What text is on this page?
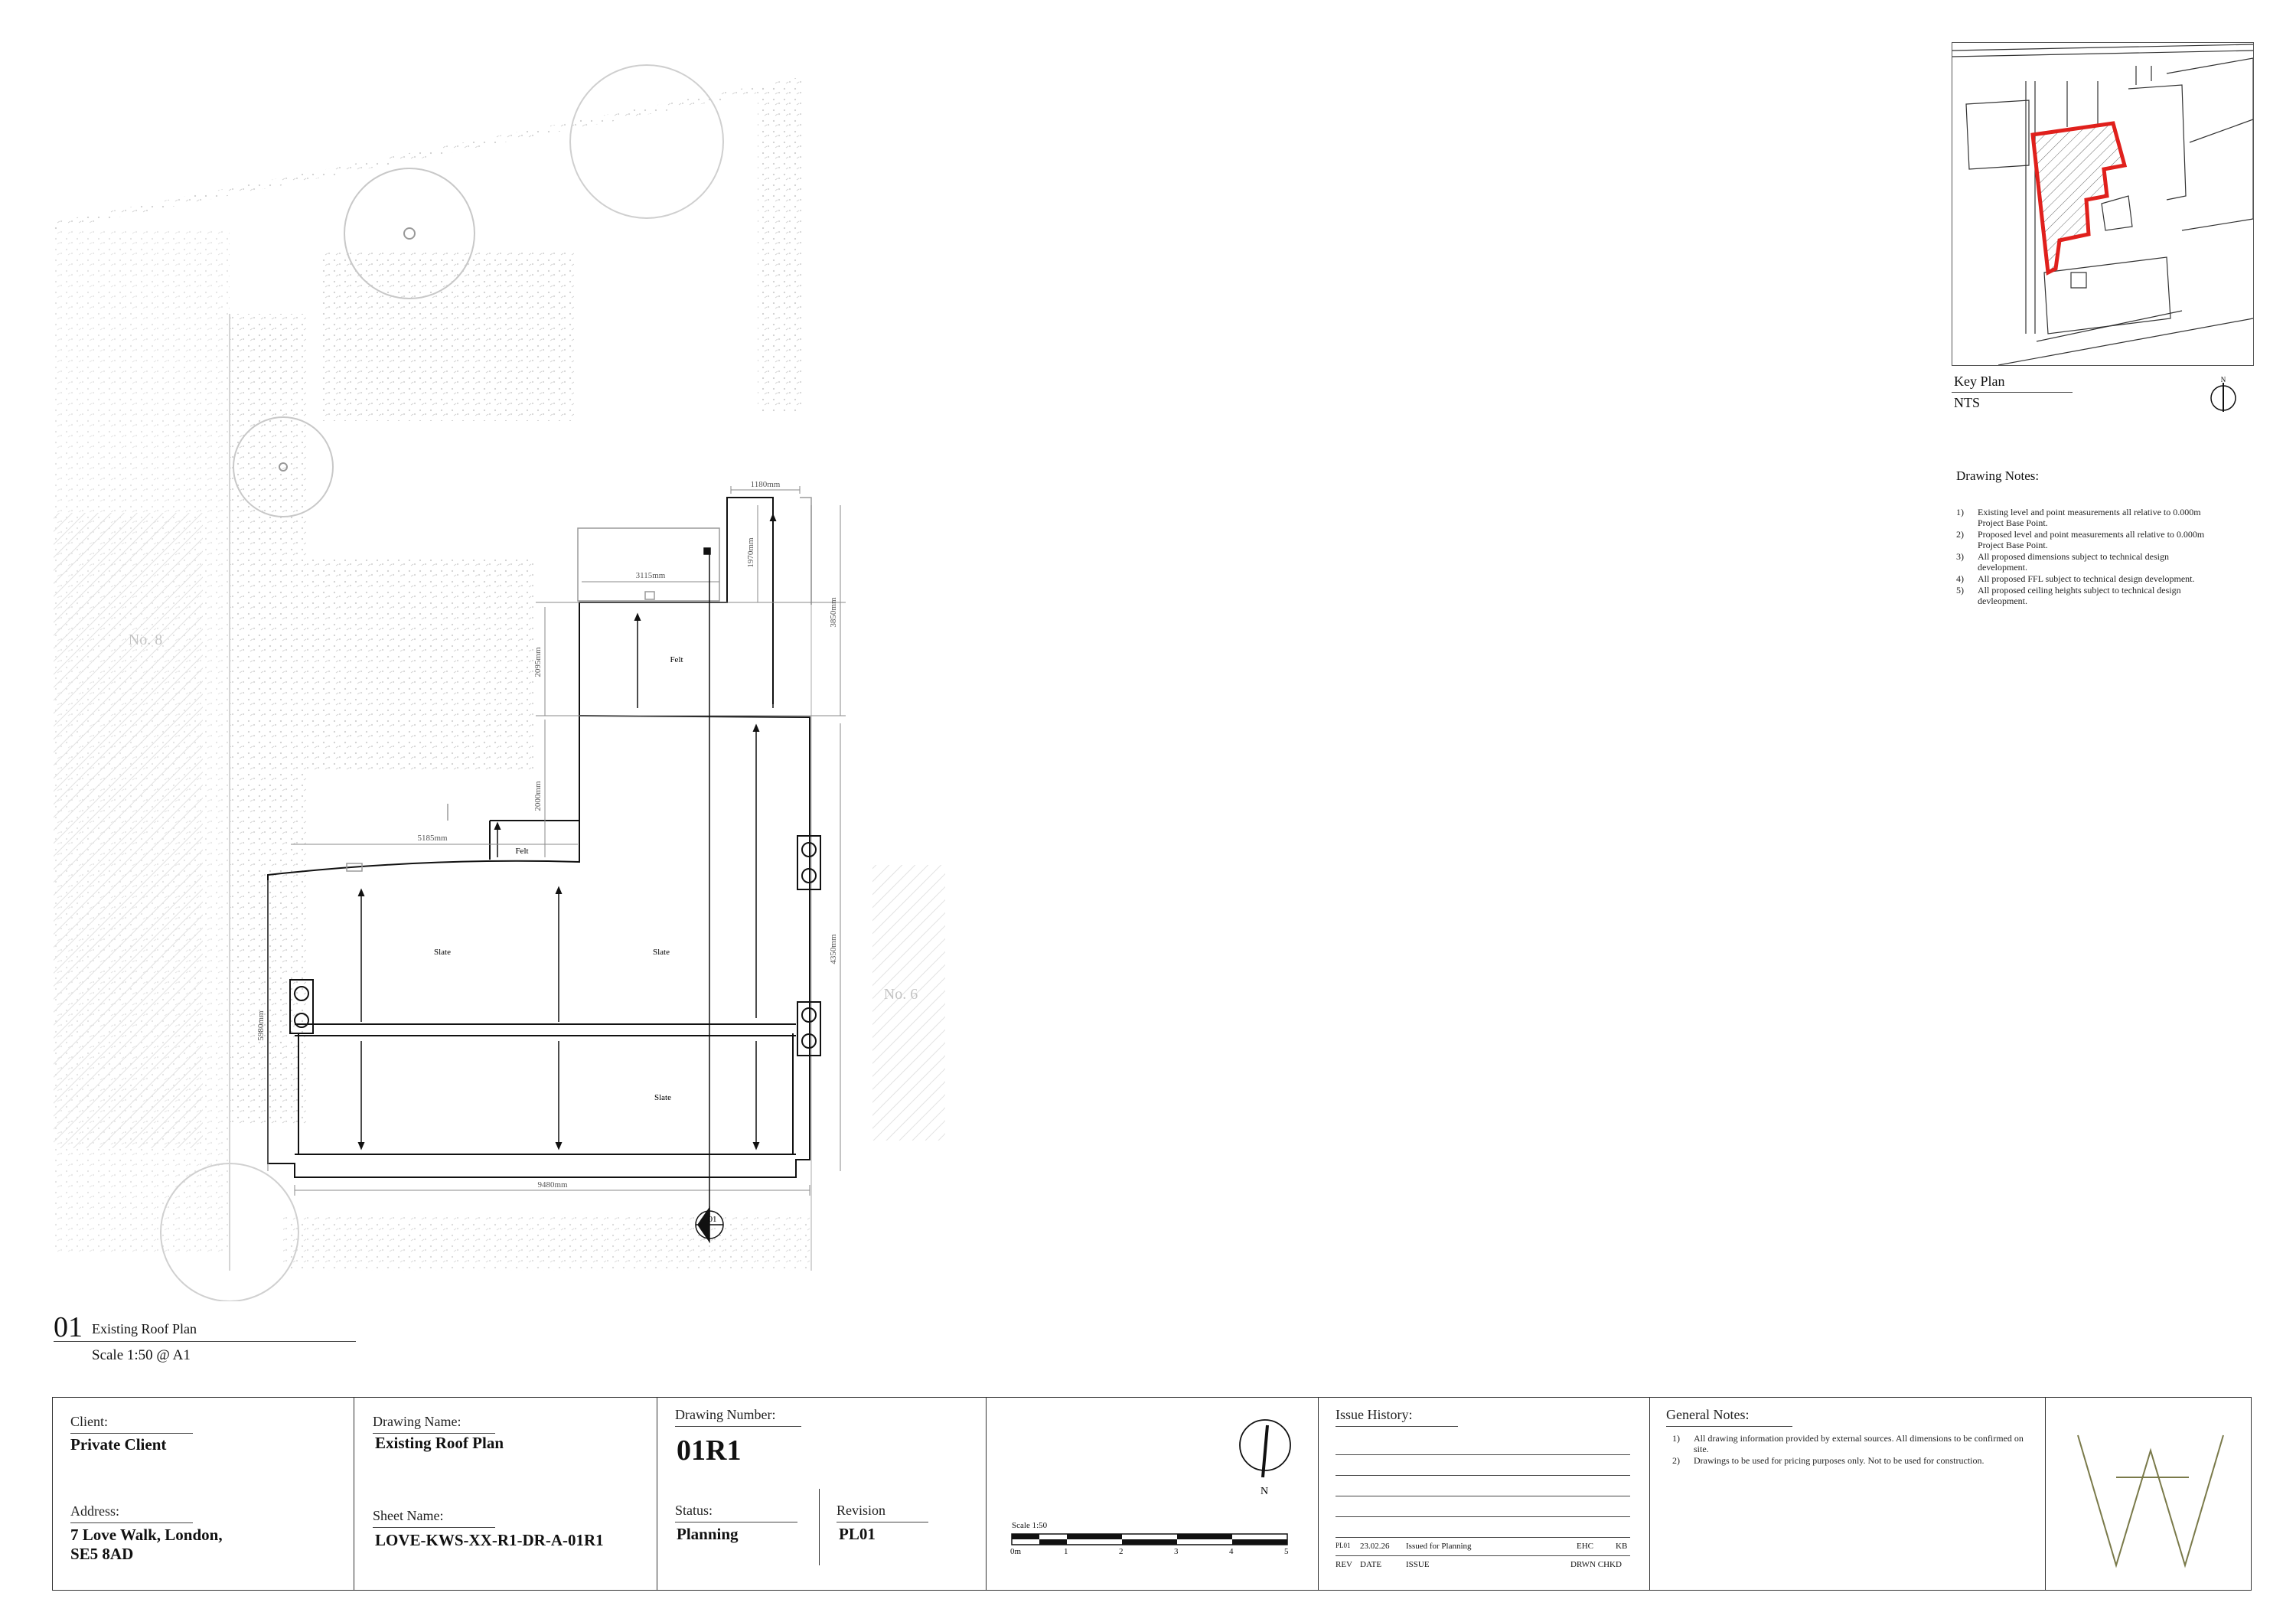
No. 8
No. 6
Felt
Felt
Slate	Slate
Slate
1180mm
1970mm
3115mm
3850mm
2095mm
2000mm
5185mm
4350mm
5980mm
9480mm
01
01 Existing Roof Plan
Scale 1:50 @ A1
Key Plan
NTS
N
Drawing Notes:
1)	Existing level and point measurements all relative to 0.000m Project Base Point.
2)	Proposed level and point measurements all relative to 0.000m Project Base Point.
3)	All proposed dimensions subject to technical design development.
4)	All proposed FFL subject to technical design development.
5)	All proposed ceiling heights subject to technical design devleopment.
Client:
Private Client
Address:
7 Love Walk, London,
SE5 8AD
Drawing Name:
Existing Roof Plan
Sheet Name:
LOVE-KWS-XX-R1-DR-A-01R1
Drawing Number:
01R1
Status:
Planning
Revision
PL01
N
Scale 1:50
0m	1	2	3	4	5
Issue History:
PL01 23.02.26 Issued for Planning	EHC	KB
REV DATE	ISSUE	DRWN CHKD
General Notes:
1)	All drawing information provided by external sources. All dimensions to be confirmed on site.
2)	Drawings to be used for pricing purposes only. Not to be used for construction.
